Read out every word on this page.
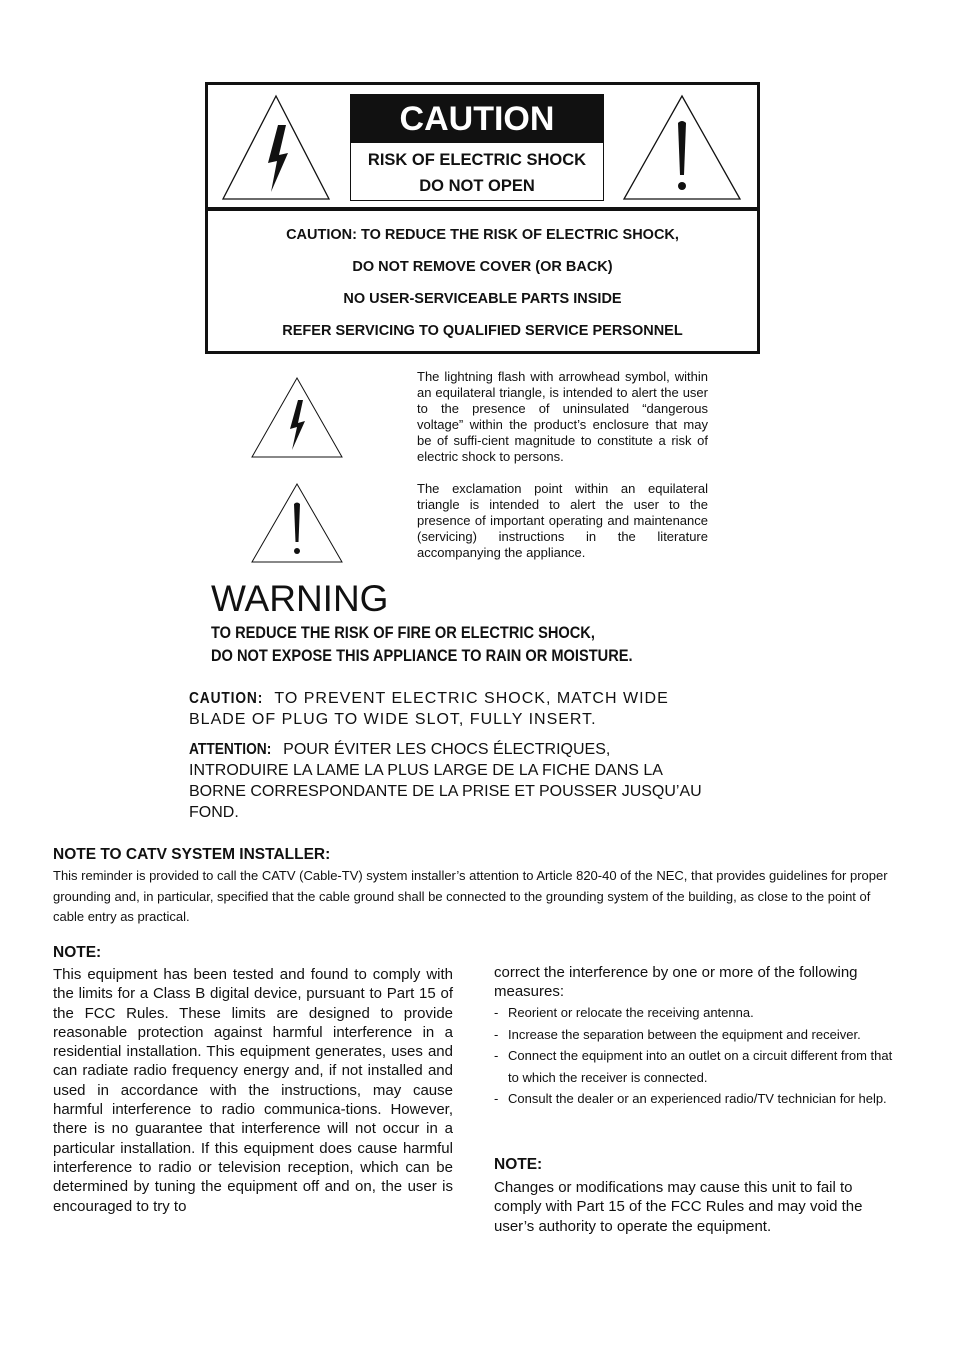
CAUTION
RISK OF ELECTRIC SHOCK
DO NOT OPEN
CAUTION: TO REDUCE THE RISK OF ELECTRIC SHOCK,
DO NOT REMOVE COVER (OR BACK)
NO USER-SERVICEABLE PARTS INSIDE
REFER SERVICING TO QUALIFIED SERVICE PERSONNEL
The lightning flash with arrowhead symbol, within an equilateral triangle, is intended to alert the user to the presence of uninsulated “dangerous voltage” within the product’s enclosure that may be of suffi-cient magnitude to constitute a risk of electric shock to persons.
The exclamation point within an equilateral triangle is intended to alert the user to the presence of important operating and maintenance (servicing) instructions in the literature accompanying the appliance.
WARNING
TO REDUCE THE RISK OF FIRE OR ELECTRIC SHOCK,
DO NOT EXPOSE THIS APPLIANCE TO RAIN OR MOISTURE.
CAUTION: TO PREVENT ELECTRIC SHOCK, MATCH WIDE BLADE OF PLUG TO WIDE SLOT, FULLY INSERT.
ATTENTION: POUR ÉVITER LES CHOCS ÉLECTRIQUES, INTRODUIRE LA LAME LA PLUS LARGE DE LA FICHE DANS LA BORNE CORRESPONDANTE DE LA PRISE ET POUSSER JUSQU’AU FOND.
NOTE TO CATV SYSTEM INSTALLER:
This reminder is provided to call the CATV (Cable-TV) system installer’s attention to Article 820-40 of the NEC, that provides guidelines for proper grounding and, in particular, specified that the cable ground shall be connected to the grounding system of the building, as close to the point of cable entry as practical.
NOTE:
This equipment has been tested and found to comply with the limits for a Class B digital device, pursuant to Part 15 of the FCC Rules. These limits are designed to provide reasonable protection against harmful interference in a residential installation. This equipment generates, uses and can radiate radio frequency energy and, if not installed and used in accordance with the instructions, may cause harmful interference to radio communica-tions. However, there is no guarantee that interference will not occur in a particular installation. If this equipment does cause harmful interference to radio or television reception, which can be determined by tuning the equipment off and on, the user is encouraged to try to
correct the interference by one or more of the following measures:
- Reorient or relocate the receiving antenna.
- Increase the separation between the equipment and receiver.
- Connect the equipment into an outlet on a circuit different from that to which the receiver is connected.
- Consult the dealer or an experienced radio/TV technician for help.
NOTE:
Changes or modifications may cause this unit to fail to comply with Part 15 of the FCC Rules and may void the user’s authority to operate the equipment.
